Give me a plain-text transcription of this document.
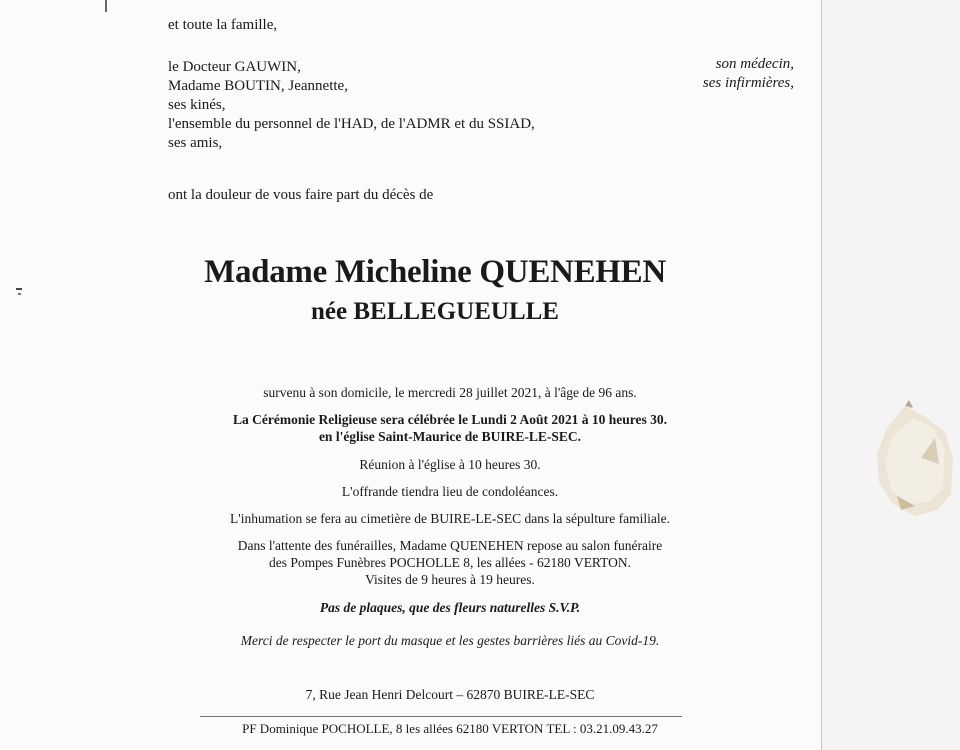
et toute la famille,
le Docteur GAUWIN,
Madame BOUTIN, Jeannette,
ses kinés,
l'ensemble du personnel de l'HAD, de l'ADMR et du SSIAD,
ses amis,
son médecin,
ses infirmières,
ont la douleur de vous faire part du décès de
Madame Micheline QUENEHEN
née BELLEGUEULLE
survenu à son domicile, le mercredi 28 juillet 2021, à l'âge de 96 ans.
La Cérémonie Religieuse sera célébrée le Lundi 2 Août 2021 à 10 heures 30.
en l'église Saint-Maurice de BUIRE-LE-SEC.
Réunion à l'église à 10 heures 30.
L'offrande tiendra lieu de condoléances.
L'inhumation se fera au cimetière de BUIRE-LE-SEC dans la sépulture familiale.
Dans l'attente des funérailles, Madame QUENEHEN repose au salon funéraire
des Pompes Funèbres POCHOLLE 8, les allées - 62180 VERTON.
Visites de 9 heures à 19 heures.
Pas de plaques, que des fleurs naturelles S.V.P.
Merci de respecter le port du masque et les gestes barrières liés au Covid-19.
7, Rue Jean Henri Delcourt – 62870 BUIRE-LE-SEC
PF Dominique POCHOLLE, 8 les allées 62180 VERTON TEL : 03.21.09.43.27
